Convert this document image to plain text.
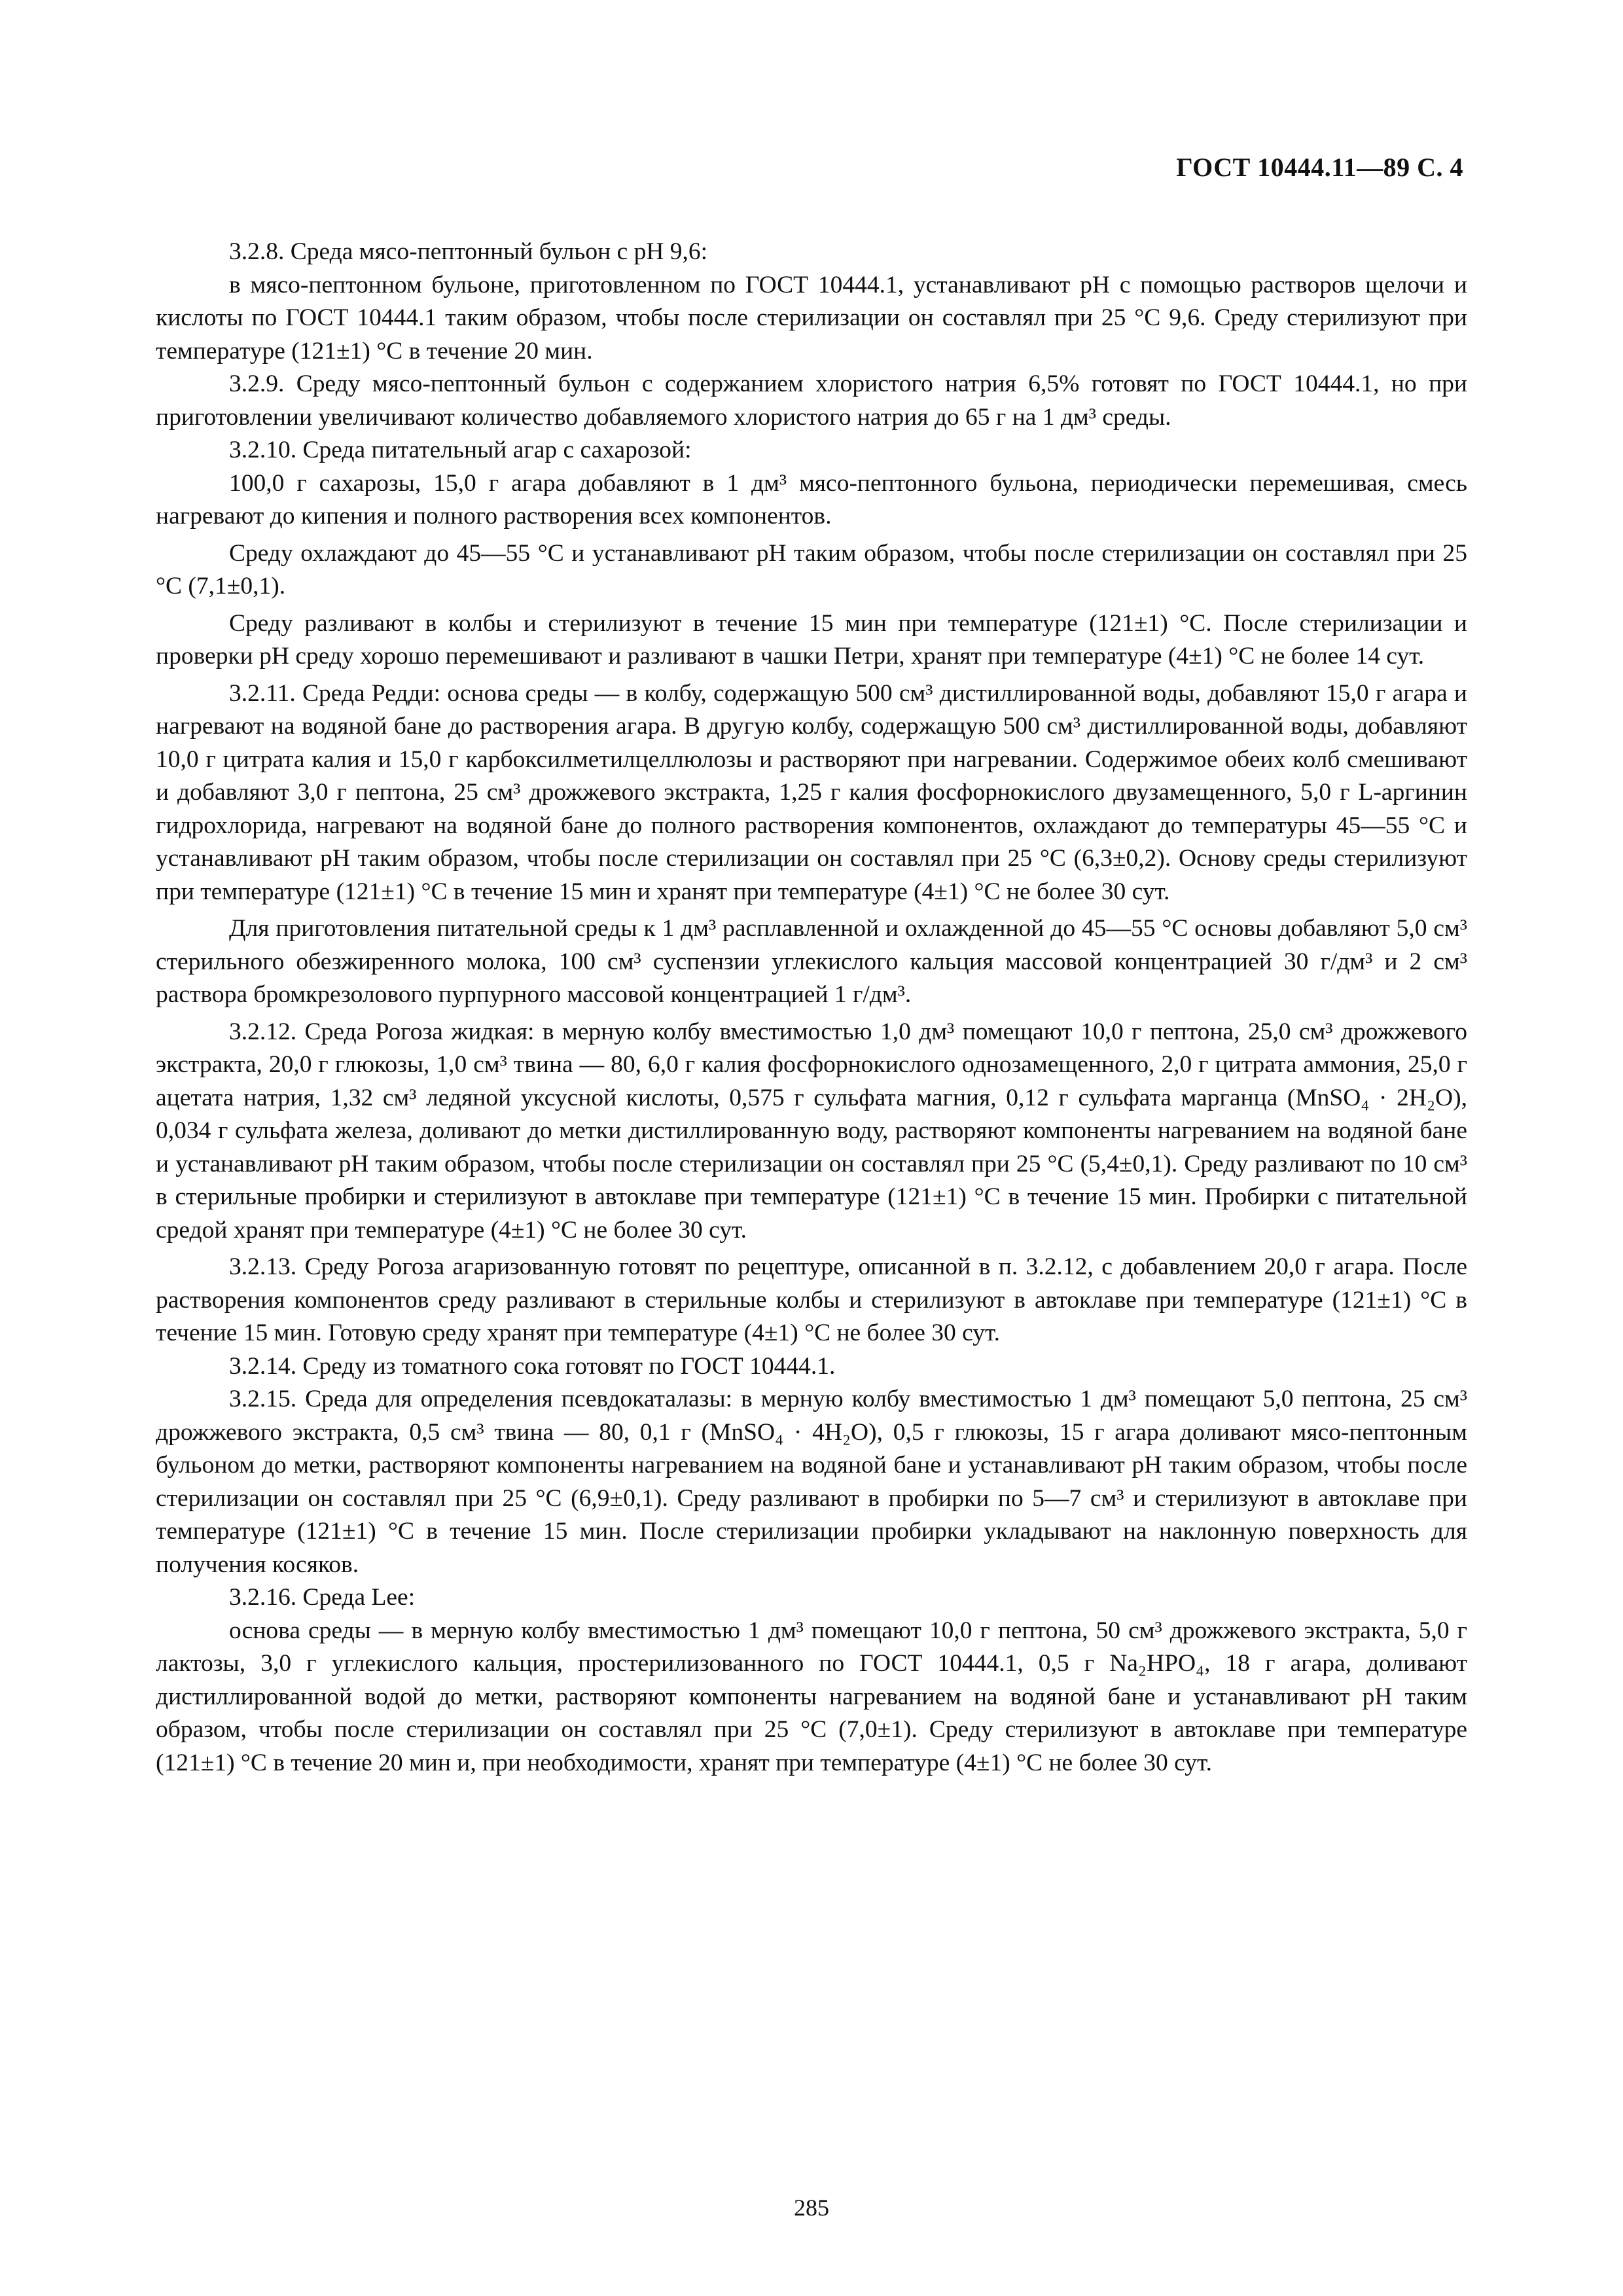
ГОСТ 10444.11—89 С. 4

3.2.8. Среда мясо-пептонный бульон с рН 9,6:

в мясо-пептонном бульоне, приготовленном по ГОСТ 10444.1, устанавливают рН с помощью растворов щелочи и кислоты по ГОСТ 10444.1 таким образом, чтобы после стерилизации он составлял при 25 °С 9,6. Среду стерилизуют при температуре (121±1) °С в течение 20 мин.

3.2.9. Среду мясо-пептонный бульон с содержанием хлористого натрия 6,5% готовят по ГОСТ 10444.1, но при приготовлении увеличивают количество добавляемого хлористого натрия до 65 г на 1 дм³ среды.

3.2.10. Среда питательный агар с сахарозой:

100,0 г сахарозы, 15,0 г агара добавляют в 1 дм³ мясо-пептонного бульона, периодически перемешивая, смесь нагревают до кипения и полного растворения всех компонентов.

Среду охлаждают до 45—55 °С и устанавливают рН таким образом, чтобы после стерилизации он составлял при 25 °С (7,1±0,1).

Среду разливают в колбы и стерилизуют в течение 15 мин при температуре (121±1) °С. После стерилизации и проверки рН среду хорошо перемешивают и разливают в чашки Петри, хранят при температуре (4±1) °С не более 14 сут.

3.2.11. Среда Редди: основа среды — в колбу, содержащую 500 см³ дистиллированной воды, добавляют 15,0 г агара и нагревают на водяной бане до растворения агара. В другую колбу, содержащую 500 см³ дистиллированной воды, добавляют 10,0 г цитрата калия и 15,0 г карбоксилметилцеллюлозы и растворяют при нагревании. Содержимое обеих колб смешивают и добавляют 3,0 г пептона, 25 см³ дрожжевого экстракта, 1,25 г калия фосфорнокислого двузамещенного, 5,0 г L-аргинин гидрохлорида, нагревают на водяной бане до полного растворения компонентов, охлаждают до температуры 45—55 °С и устанавливают рН таким образом, чтобы после стерилизации он составлял при 25 °С (6,3±0,2). Основу среды стерилизуют при температуре (121±1) °С в течение 15 мин и хранят при температуре (4±1) °С не более 30 сут.

Для приготовления питательной среды к 1 дм³ расплавленной и охлажденной до 45—55 °С основы добавляют 5,0 см³ стерильного обезжиренного молока, 100 см³ суспензии углекислого кальция массовой концентрацией 30 г/дм³ и 2 см³ раствора бромкрезолового пурпурного массовой концентрацией 1 г/дм³.

3.2.12. Среда Рогоза жидкая: в мерную колбу вместимостью 1,0 дм³ помещают 10,0 г пептона, 25,0 см³ дрожжевого экстракта, 20,0 г глюкозы, 1,0 см³ твина — 80, 6,0 г калия фосфорнокислого однозамещенного, 2,0 г цитрата аммония, 25,0 г ацетата натрия, 1,32 см³ ледяной уксусной кислоты, 0,575 г сульфата магния, 0,12 г сульфата марганца (MnSO₄ · 2H₂O), 0,034 г сульфата железа, доливают до метки дистиллированную воду, растворяют компоненты нагреванием на водяной бане и устанавливают рН таким образом, чтобы после стерилизации он составлял при 25 °С (5,4±0,1). Среду разливают по 10 см³ в стерильные пробирки и стерилизуют в автоклаве при температуре (121±1) °С в течение 15 мин. Пробирки с питательной средой хранят при температуре (4±1) °С не более 30 сут.

3.2.13. Среду Рогоза агаризованную готовят по рецептуре, описанной в п. 3.2.12, с добавлением 20,0 г агара. После растворения компонентов среду разливают в стерильные колбы и стерилизуют в автоклаве при температуре (121±1) °С в течение 15 мин. Готовую среду хранят при температуре (4±1) °С не более 30 сут.

3.2.14. Среду из томатного сока готовят по ГОСТ 10444.1.

3.2.15. Среда для определения псевдокаталазы: в мерную колбу вместимостью 1 дм³ помещают 5,0 пептона, 25 см³ дрожжевого экстракта, 0,5 см³ твина — 80, 0,1 г (MnSO₄ · 4H₂O), 0,5 г глюкозы, 15 г агара доливают мясо-пептонным бульоном до метки, растворяют компоненты нагреванием на водяной бане и устанавливают рН таким образом, чтобы после стерилизации он составлял при 25 °С (6,9±0,1). Среду разливают в пробирки по 5—7 см³ и стерилизуют в автоклаве при температуре (121±1) °С в течение 15 мин. После стерилизации пробирки укладывают на наклонную поверхность для получения косяков.

3.2.16. Среда Lee:

основа среды — в мерную колбу вместимостью 1 дм³ помещают 10,0 г пептона, 50 см³ дрожжевого экстракта, 5,0 г лактозы, 3,0 г углекислого кальция, простерилизованного по ГОСТ 10444.1, 0,5 г Na₂HPO₄, 18 г агара, доливают дистиллированной водой до метки, растворяют компоненты нагреванием на водяной бане и устанавливают рН таким образом, чтобы после стерилизации он составлял при 25 °С (7,0±1). Среду стерилизуют в автоклаве при температуре (121±1) °С в течение 20 мин и, при необходимости, хранят при температуре (4±1) °С не более 30 сут.

285
